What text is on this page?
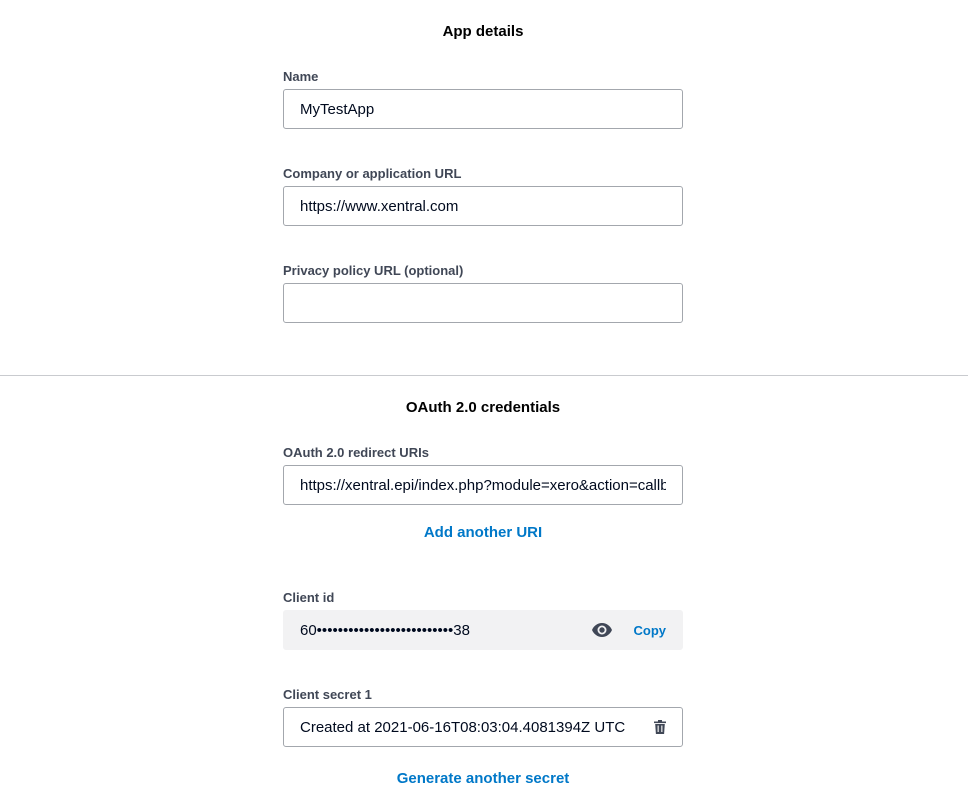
App details
Name
MyTestApp
Company or application URL
https://www.xentral.com
Privacy policy URL (optional)
OAuth 2.0 credentials
OAuth 2.0 redirect URIs
https://xentral.epi/index.php?module=xero&action=callback
Add another URI
Client id
60••••••••••••••••••••••••••38	Copy
Client secret 1
Created at 2021-06-16T08:03:04.4081394Z UTC
Generate another secret
